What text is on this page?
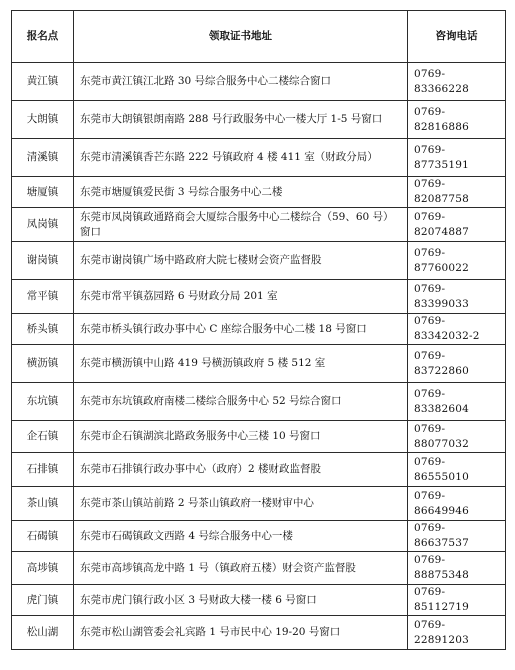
报名点	领取证书地址	咨询电话
黄江镇	东莞市黄江镇江北路 30 号综合服务中心二楼综合窗口	0769-83366228
大朗镇	东莞市大朗镇银朗南路 288 号行政服务中心一楼大厅 1-5 号窗口	0769-82816886
清溪镇	东莞市清溪镇香芒东路 222 号镇政府 4 楼 411 室（财政分局）	0769-87735191
塘厦镇	东莞市塘厦镇爱民街 3 号综合服务中心二楼	0769-82087758
凤岗镇	东莞市凤岗镇政通路商会大厦综合服务中心二楼综合（59、60 号）窗口	0769-82074887
谢岗镇	东莞市谢岗镇广场中路政府大院七楼财会资产监督股	0769-87760022
常平镇	东莞市常平镇荔园路 6 号财政分局 201 室	0769-83399033
桥头镇	东莞市桥头镇行政办事中心 C 座综合服务中心二楼 18 号窗口	0769-83342032-2
横沥镇	东莞市横沥镇中山路 419 号横沥镇政府 5 楼 512 室	0769-83722860
东坑镇	东莞市东坑镇政府南楼二楼综合服务中心 52 号综合窗口	0769-83382604
企石镇	东莞市企石镇湖滨北路政务服务中心三楼 10 号窗口	0769-88077032
石排镇	东莞市石排镇行政办事中心（政府）2 楼财政监督股	0769-86555010
茶山镇	东莞市茶山镇站前路 2 号茶山镇政府一楼财审中心	0769-86649946
石碣镇	东莞市石碣镇政文西路 4 号综合服务中心一楼	0769-86637537
高埗镇	东莞市高埗镇高龙中路 1 号（镇政府五楼）财会资产监督股	0769-88875348
虎门镇	东莞市虎门镇行政小区 3 号财政大楼一楼 6 号窗口	0769-85112719
松山湖	东莞市松山湖管委会礼宾路 1 号市民中心 19-20 号窗口	0769-22891203
